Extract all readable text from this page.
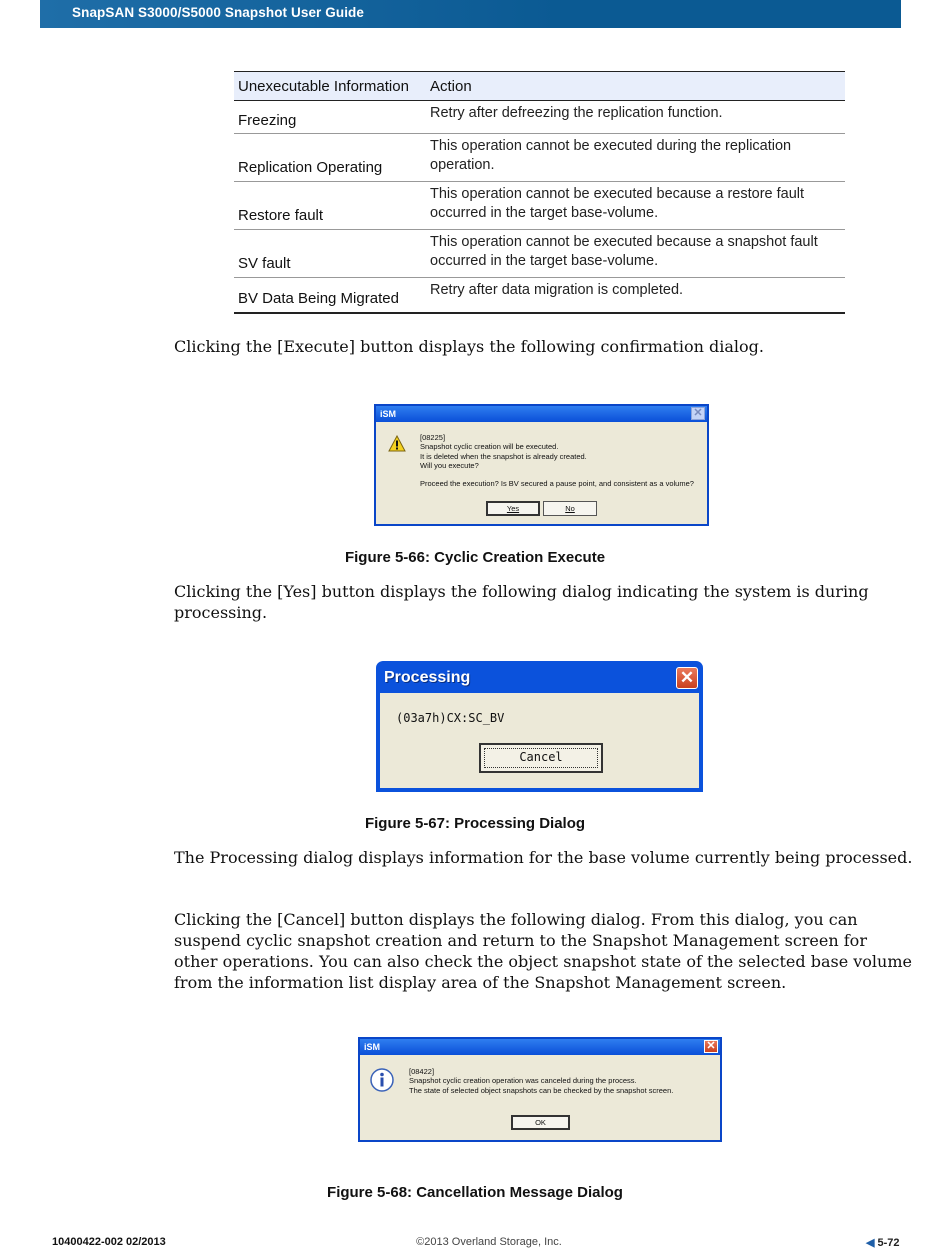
SnapSAN S3000/S5000 Snapshot User Guide
Unexecutable Information	Action
Freezing	Retry after defreezing the replication function.
Replication Operating	This operation cannot be executed during the replication operation.
Restore fault	This operation cannot be executed because a restore fault occurred in the target base-volume.
SV fault	This operation cannot be executed because a snapshot fault occurred in the target base-volume.
BV Data Being Migrated	Retry after data migration is completed.
Clicking the [Execute] button displays the following confirmation dialog.
iSM	✕
[08225]
Snapshot cyclic creation will be executed.
It is deleted when the snapshot is already created.
Will you execute?
Proceed the execution? Is BV secured a pause point, and consistent as a volume?
Yes	No
Figure 5-66: Cyclic Creation Execute
Clicking the [Yes] button displays the following dialog indicating the system is during processing.
Processing	✕
(03a7h)CX:SC_BV
Cancel
Figure 5-67: Processing Dialog
The Processing dialog displays information for the base volume currently being processed.
Clicking the [Cancel] button displays the following dialog. From this dialog, you can suspend cyclic snapshot creation and return to the Snapshot Management screen for other operations. You can also check the object snapshot state of the selected base volume from the information list display area of the Snapshot Management screen.
iSM	✕
[08422]
Snapshot cyclic creation operation was canceled during the process.
The state of selected object snapshots can be checked by the snapshot screen.
OK
Figure 5-68: Cancellation Message Dialog
10400422-002 02/2013	©2013 Overland Storage, Inc.	◀ 5-72
